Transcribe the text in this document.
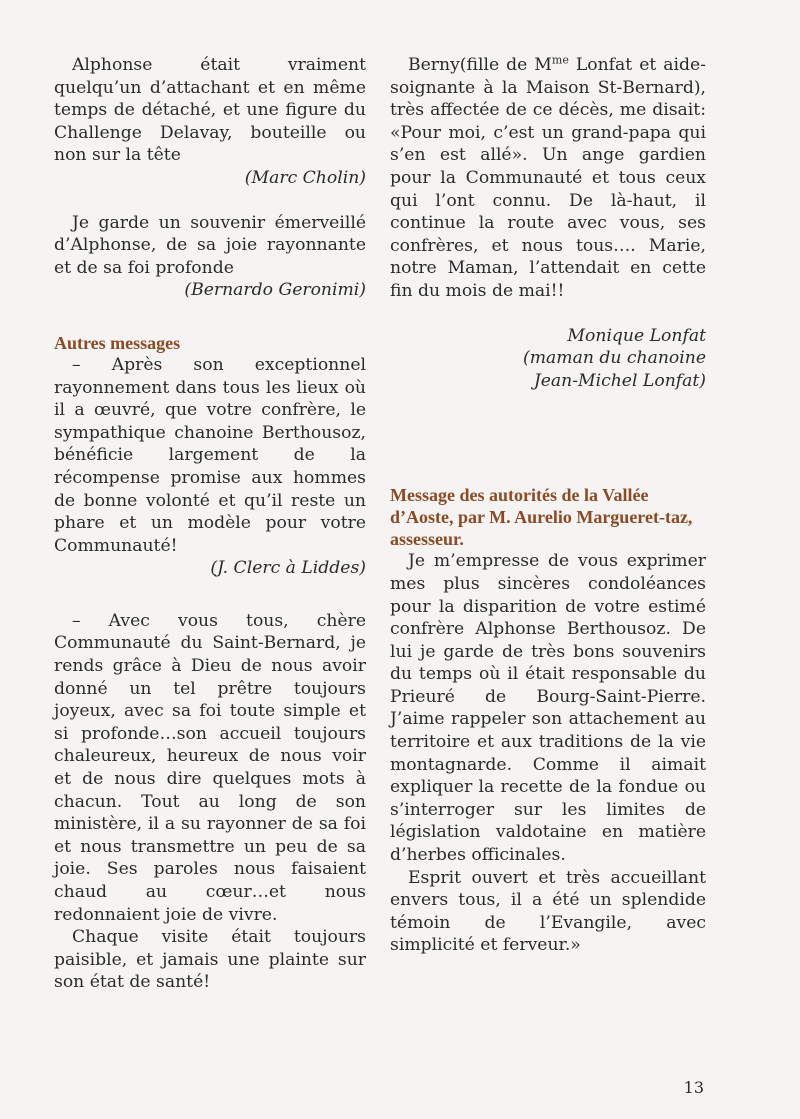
Alphonse était vraiment quelqu’un d’attachant et en même temps de détaché, et une figure du Challenge Delavay, bouteille ou non sur la tête

(Marc Cholin)

Je garde un souvenir émerveillé d’Alphonse, de sa joie rayonnante et de sa foi profonde

(Bernardo Geronimi)

Autres messages

– Après son exceptionnel rayonnement dans tous les lieux où il a œuvré, que votre confrère, le sympathique chanoine Berthousoz, bénéficie largement de la récompense promise aux hommes de bonne volonté et qu’il reste un phare et un modèle pour votre Communauté!

(J. Clerc à Liddes)

– Avec vous tous, chère Communauté du Saint-Bernard, je rends grâce à Dieu de nous avoir donné un tel prêtre toujours joyeux, avec sa foi toute simple et si profonde…son accueil toujours chaleureux, heureux de nous voir et de nous dire quelques mots à chacun. Tout au long de son ministère, il a su rayonner de sa foi et nous transmettre un peu de sa joie. Ses paroles nous faisaient chaud au cœur…et nous redonnaient joie de vivre.

Chaque visite était toujours paisible, et jamais une plainte sur son état de santé!

Berny(fille de $M^{me}$ Lonfat et aide-soignante à la Maison St-Bernard), très affectée de ce décès, me disait: «Pour moi, c’est un grand-papa qui s’en est allé». Un ange gardien pour la Communauté et tous ceux qui l’ont connu. De là-haut, il continue la route avec vous, ses confrères, et nous tous…. Marie, notre Maman, l’attendait en cette fin du mois de mai!!

Monique Lonfat

(maman du chanoine

Jean-Michel Lonfat)

Message des autorités de la Vallée d’Aoste, par M. Aurelio Margueret-taz, assesseur.

Je m’empresse de vous exprimer mes plus sincères condoléances pour la disparition de votre estimé confrère Alphonse Berthousoz. De lui je garde de très bons souvenirs du temps où il était responsable du Prieuré de Bourg-Saint-Pierre. J’aime rappeler son attachement au territoire et aux traditions de la vie montagnarde. Comme il aimait expliquer la recette de la fondue ou s’interroger sur les limites de législation valdotaine en matière d’herbes officinales.

Esprit ouvert et très accueillant envers tous, il a été un splendide témoin de l’Evangile, avec simplicité et ferveur.»

13
